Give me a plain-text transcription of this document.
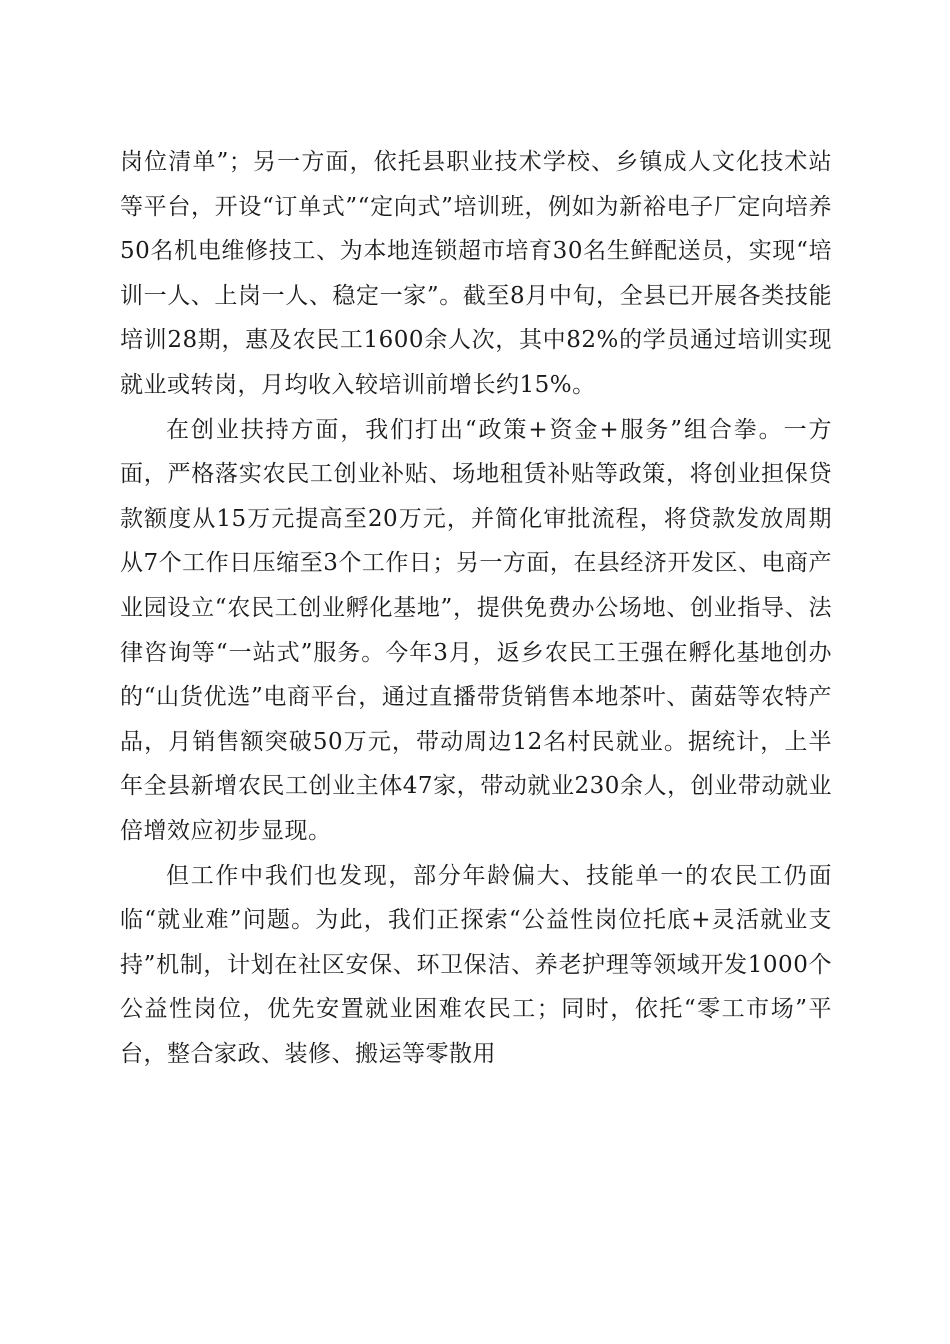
岗位清单”；另一方面，依托县职业技术学校、乡镇成人文化技术站等平台，开设“订单式”“定向式”培训班，例如为新裕电子厂定向培养50名机电维修技工、为本地连锁超市培育30名生鲜配送员，实现“培训一人、上岗一人、稳定一家”。截至8月中旬，全县已开展各类技能培训28期，惠及农民工1600余人次，其中82%的学员通过培训实现就业或转岗，月均收入较培训前增长约15%。

在创业扶持方面，我们打出“政策+资金+服务”组合拳。一方面，严格落实农民工创业补贴、场地租赁补贴等政策，将创业担保贷款额度从15万元提高至20万元，并简化审批流程，将贷款发放周期从7个工作日压缩至3个工作日；另一方面，在县经济开发区、电商产业园设立“农民工创业孵化基地”，提供免费办公场地、创业指导、法律咨询等“一站式”服务。今年3月，返乡农民工王强在孵化基地创办的“山货优选”电商平台，通过直播带货销售本地茶叶、菌菇等农特产品，月销售额突破50万元，带动周边12名村民就业。据统计，上半年全县新增农民工创业主体47家，带动就业230余人，创业带动就业倍增效应初步显现。

但工作中我们也发现，部分年龄偏大、技能单一的农民工仍面临“就业难”问题。为此，我们正探索“公益性岗位托底+灵活就业支持”机制，计划在社区安保、环卫保洁、养老护理等领域开发1000个公益性岗位，优先安置就业困难农民工；同时，依托“零工市场”平台，整合家政、装修、搬运等零散用
